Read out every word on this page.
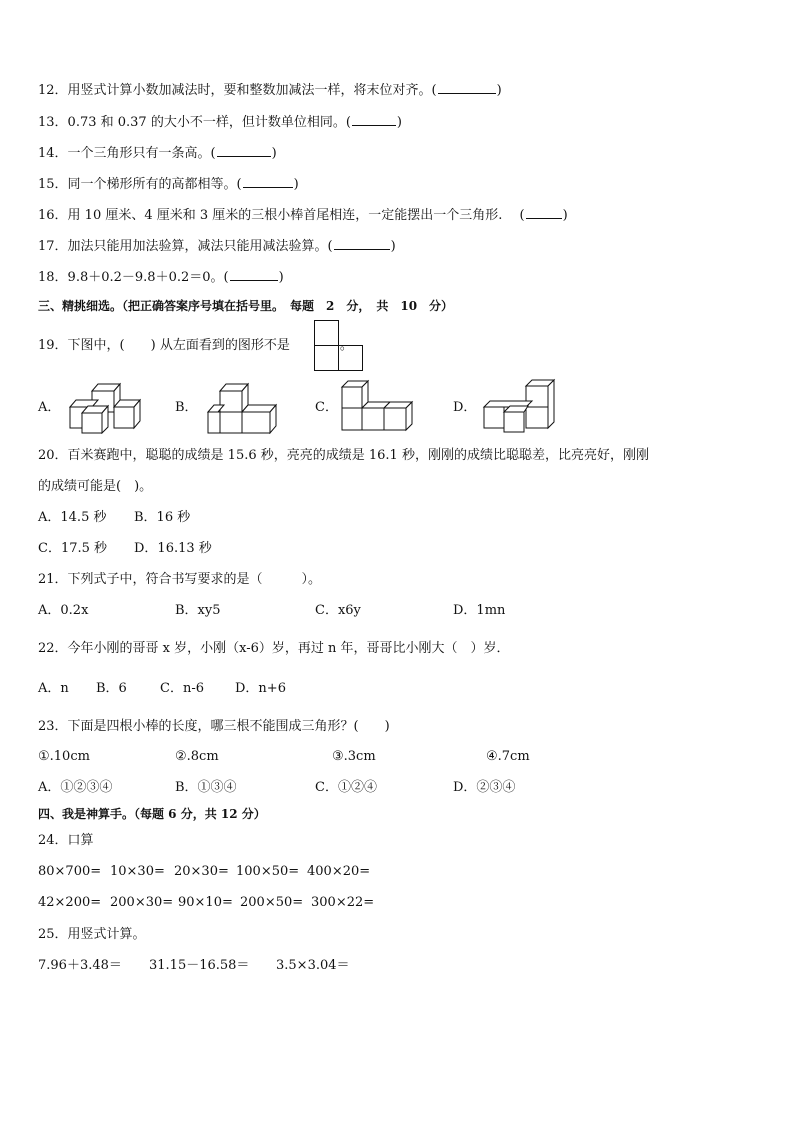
12．用竖式计算小数加减法时，要和整数加减法一样，将末位对齐。(	)
13．0.73 和 0.37 的大小不一样，但计数单位相同。(	)
14．一个三角形只有一条高。(	)
15．同一个梯形所有的高都相等。(	)
16．用 10 厘米、4 厘米和 3 厘米的三根小棒首尾相连，一定能摆出一个三角形.　 (	)
17．加法只能用加法验算，减法只能用减法验算。(	)
18．9.8＋0.2－9.8＋0.2＝0。(	)
三、精挑细选。（把正确答案序号填在括号里。　每题　2　分，　共　10　分）
19．下图中，(　　) 从左面看到的图形不是	。
A．	B．	C．	D．
20．百米赛跑中，聪聪的成绩是 15.6 秒，亮亮的成绩是 16.1 秒，刚刚的成绩比聪聪差，比亮亮好，刚刚
的成绩可能是(　)。
A．14.5 秒 B．16 秒
C．17.5 秒 D．16.13 秒
21．下列式子中，符合书写要求的是（　　　）。
A．0.2x	B．xy5	C．x6y	D．1mn
22．今年小刚的哥哥 x 岁，小刚（x-6）岁，再过 n 年，哥哥比小刚大（　）岁．
A．n B．6	C．n-6 D．n+6
23．下面是四根小棒的长度，哪三根不能围成三角形？(　　)
①.10cm	②.8cm	③.3cm	④.7cm
A．①②③④	B．①③④	C．①②④	D．②③④
四、我是神算手。（每题 6 分，共 12 分）
24．口算
80×700= 10×30= 20×30= 100×50= 400×20=
42×200= 200×30= 90×10= 200×50= 300×22=
25．用竖式计算。
7.96＋3.48＝ 31.15－16.58＝ 3.5×3.04＝
